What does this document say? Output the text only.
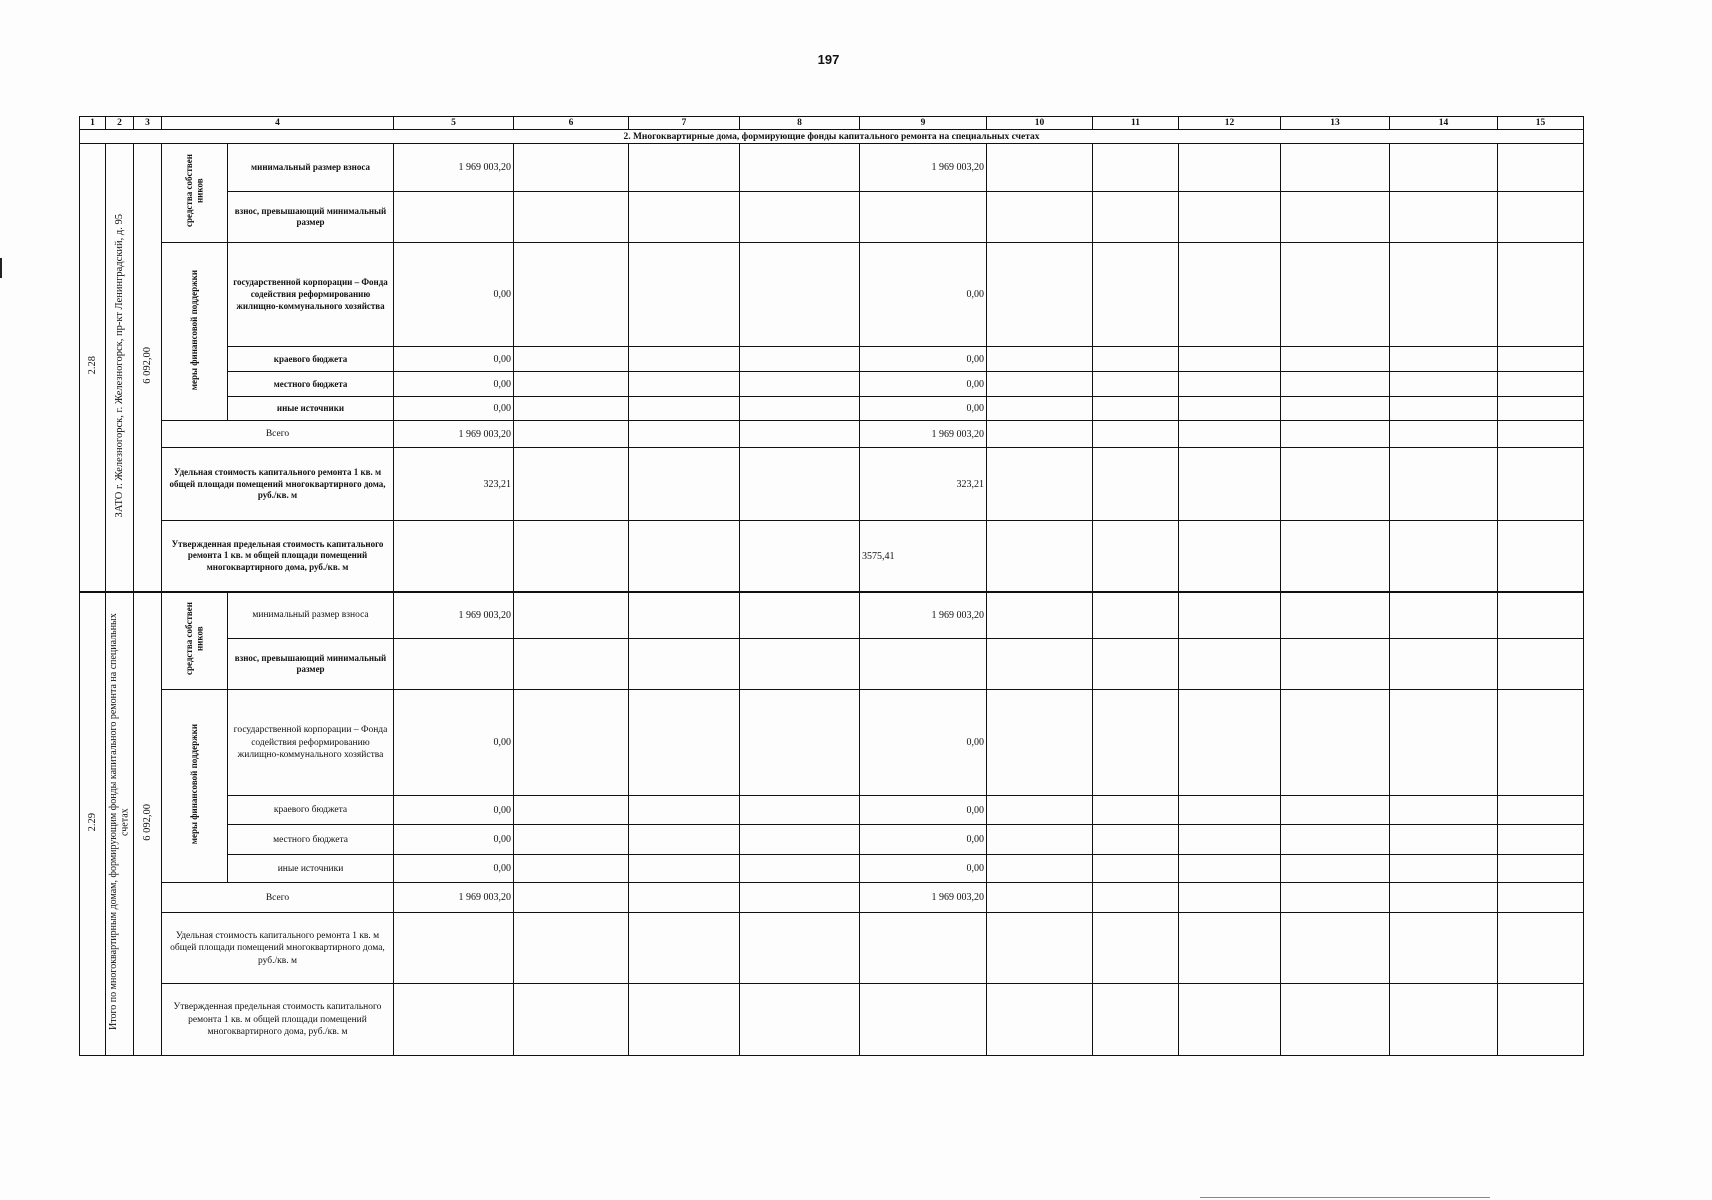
197
1	2	3	4		5	6	7	8	9	10	11	12	13	14	15
2. Многоквартирные дома, формирующие фонды капитального ремонта на специальных счетах															
2.28	ЗАТО г. Железногорск, г. Железногорск, пр-кт Ленинградский, д. 95	6 092,00	средства собствен ников	минимальный размер взноса	1 969 003,20				1 969 003,20						
				взнос, превышающий минимальный размер											
			меры финансовой поддержки	государственной корпорации – Фонда содействия реформированию жилищно-коммунального хозяйства	0,00				0,00						
				краевого бюджета	0,00				0,00						
				местного бюджета	0,00				0,00						
				иные источники	0,00				0,00						
			Всего		1 969 003,20				1 969 003,20						
			Удельная стоимость капитального ремонта 1 кв. м общей площади помещений многоквартирного дома, руб./кв. м		323,21				323,21						
			Утвержденная предельная стоимость капитального ремонта 1 кв. м общей площади помещений многоквартирного дома, руб./кв. м						3575,41						
2.29	Итого по многоквартирным домам, формирующим фонды капитального ремонта на специальных счетах	6 092,00	средства собствен ников	минимальный размер взноса	1 969 003,20				1 969 003,20						
				взнос, превышающий минимальный размер											
			меры финансовой поддержки	государственной корпорации – Фонда содействия реформированию жилищно-коммунального хозяйства	0,00				0,00						
				краевого бюджета	0,00				0,00						
				местного бюджета	0,00				0,00						
				иные источники	0,00				0,00						
			Всего		1 969 003,20				1 969 003,20						
			Удельная стоимость капитального ремонта 1 кв. м общей площади помещений многоквартирного дома, руб./кв. м												
			Утвержденная предельная стоимость капитального ремонта 1 кв. м общей площади помещений многоквартирного дома, руб./кв. м												
